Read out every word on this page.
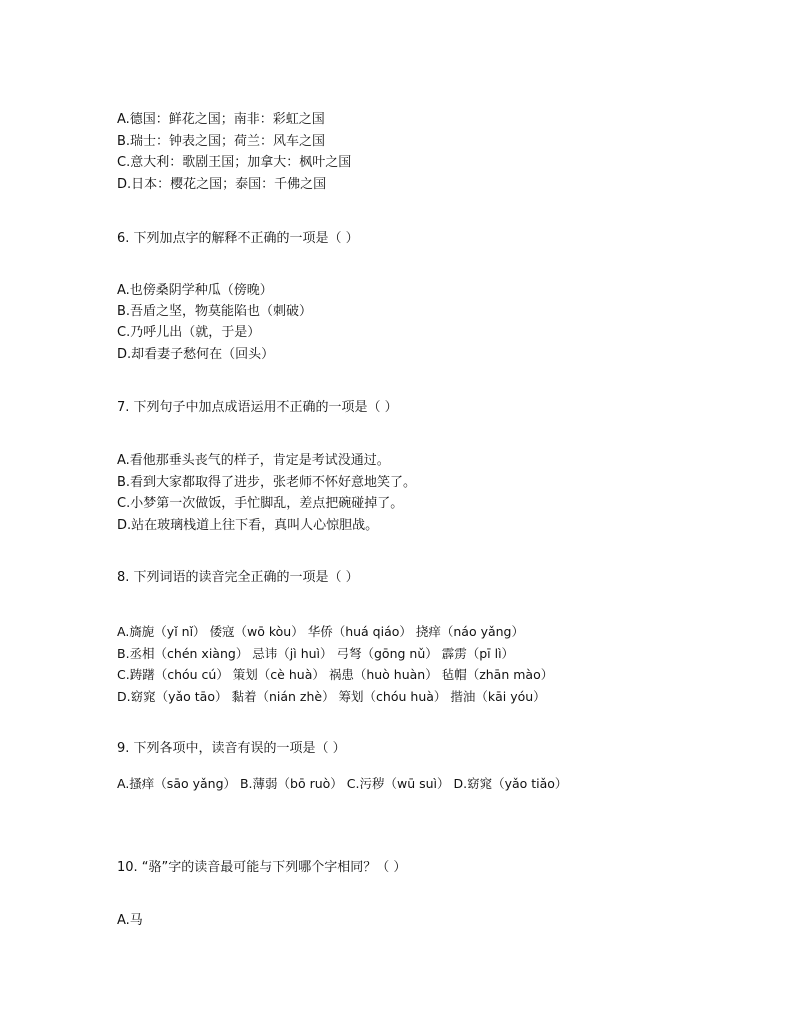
A.德国：鲜花之国；南非：彩虹之国
B.瑞士：钟表之国；荷兰：风车之国
C.意大利：歌剧王国；加拿大：枫叶之国
D.日本：樱花之国；泰国：千佛之国
6. 下列加点字的解释不正确的一项是（ ）
A.也傍桑阴学种瓜（傍晚）
B.吾盾之坚，物莫能陷也（刺破）
C.乃呼儿出（就，于是）
D.却看妻子愁何在（回头）
7. 下列句子中加点成语运用不正确的一项是（ ）
A.看他那垂头丧气的样子，肯定是考试没通过。
B.看到大家都取得了进步，张老师不怀好意地笑了。
C.小梦第一次做饭，手忙脚乱，差点把碗碰掉了。
D.站在玻璃栈道上往下看，真叫人心惊胆战。
8. 下列词语的读音完全正确的一项是（ ）
A.旖旎（yǐ nǐ） 倭寇（wō kòu） 华侨（huá qiáo） 挠痒（náo yǎng）
B.丞相（chén xiàng） 忌讳（jì huì） 弓弩（gōng nǔ） 霹雳（pī lì）
C.踌躇（chóu cú） 策划（cè huà） 祸患（huò huàn） 毡帽（zhān mào）
D.窈窕（yǎo tāo） 黏着（nián zhè） 筹划（chóu huà） 揩油（kāi yóu）
9. 下列各项中，读音有误的一项是（ ）
A.搔痒（sāo yǎng） B.薄弱（bō ruò） C.污秽（wū suì） D.窈窕（yǎo tiǎo）
10. “骆”字的读音最可能与下列哪个字相同？（ ）
A.马
